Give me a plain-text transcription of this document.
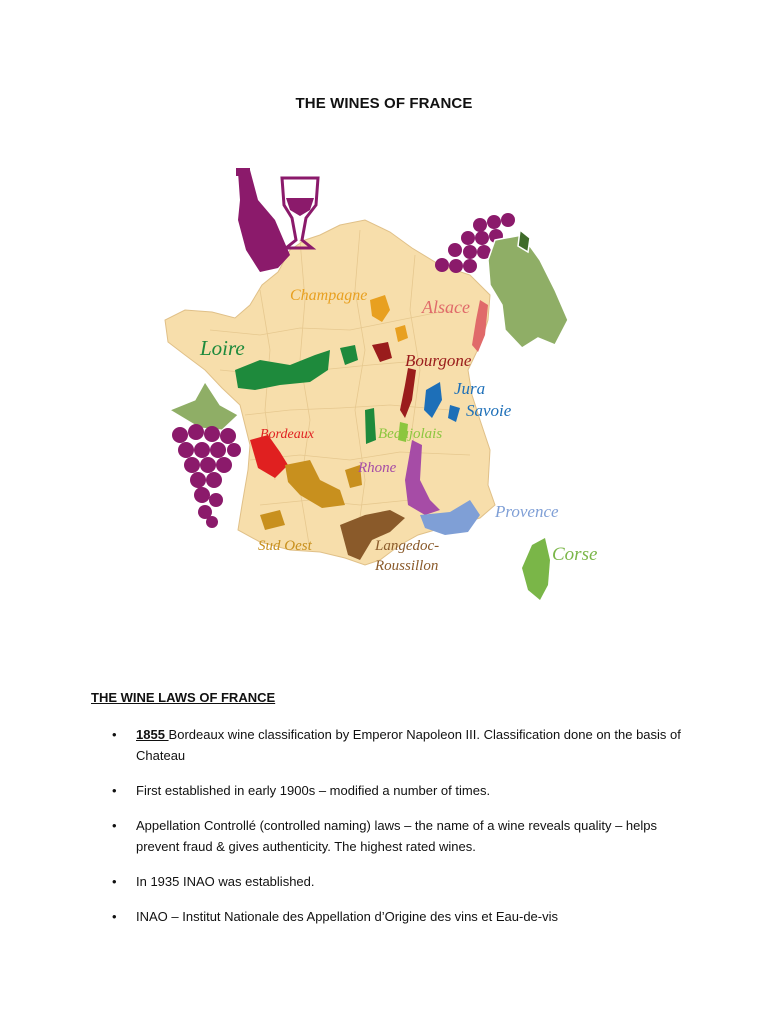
THE WINES OF FRANCE
Champagne
Alsace
Loire
Bourgone
Jura
Savoie
Bordeaux	Beaujolais
Rhone
Provence
Corse
Sud Oest	Langedoc-
Roussillon
THE WINE LAWS OF FRANCE
• 1855 Bordeaux wine classification by Emperor Napoleon III. Classification done on the basis of Chateau
• First established in early 1900s – modified a number of times.
• Appellation Controllé (controlled naming) laws – the name of a wine reveals quality – helps prevent fraud & gives authenticity. The highest rated wines.
• In 1935 INAO was established.
• INAO – Institut Nationale des Appellation d’Origine des vins et Eau-de-vis
